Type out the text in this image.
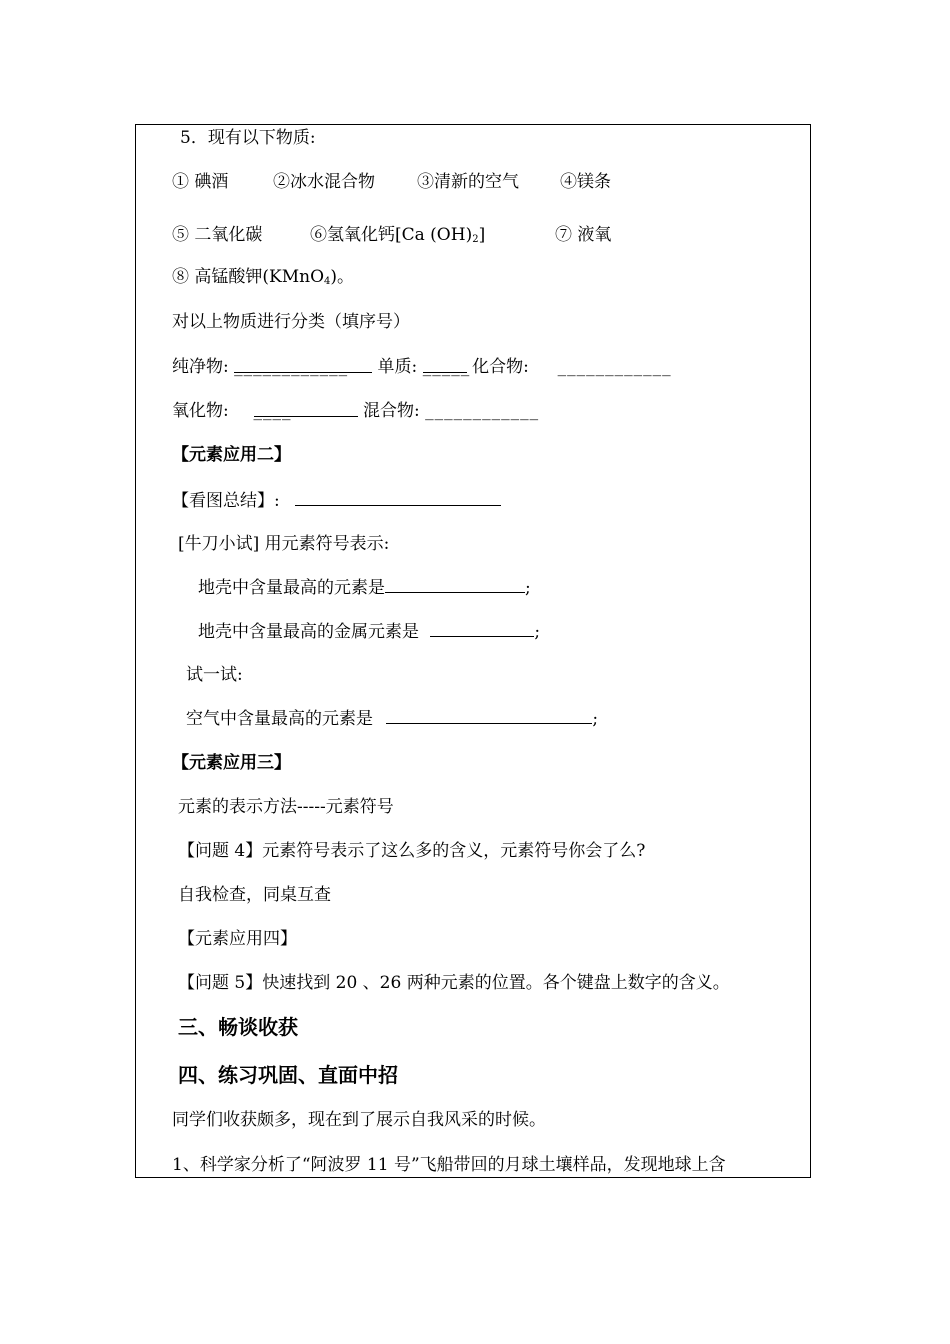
5．现有以下物质:
① 碘酒	②冰水混合物 ③清新的空气 ④镁条
⑤ 二氧化碳	⑥氢氧化钙[Ca $(OH)_2$]	⑦ 液氧
⑧ 高锰酸钾(KMnO$_4$)。
对以上物质进行分类（填序号）
纯净物: ____________ 单质: _____ 化合物: ____________
氧化物: ____	混合物: ____________
【元素应用二】
【看图总结】:
[牛刀小试] 用元素符号表示:
地壳中含量最高的元素是	;
地壳中含量最高的金属元素是	;
试一试:
空气中含量最高的元素是	;
【元素应用三】
元素的表示方法-----元素符号
【问题 4】元素符号表示了这么多的含义，元素符号你会了么?
自我检查，同桌互查
【元素应用四】
【问题 5】快速找到 20 、26 两种元素的位置。各个键盘上数字的含义。
三、畅谈收获
四、练习巩固、直面中招
同学们收获颇多，现在到了展示自我风采的时候。
1、科学家分析了“阿波罗 11 号”飞船带回的月球土壤样品，发现地球上含
